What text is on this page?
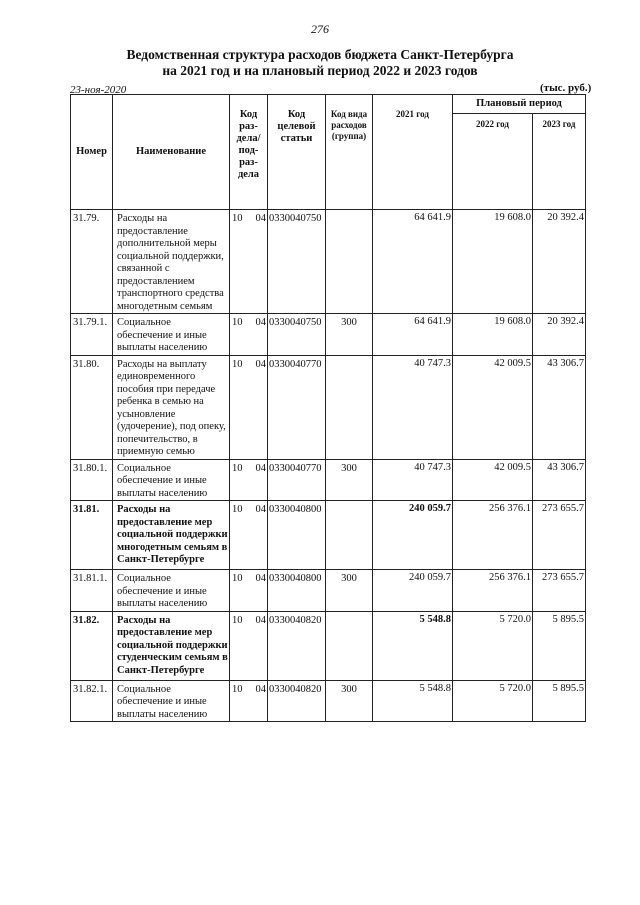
276
Ведомственная структура расходов бюджета Санкт-Петербурга
на 2021 год и на плановый период 2022 и 2023 годов
23-ноя-2020	(тыс. руб.)
Номер	Наименование	Код раз-дела/ под-раз-дела	Код целевой статьи	Код вида расходов (группа)	2021 год	Плановый период	
						2022 год	2023 год
31.79.	Расходы на предоставление дополнительной меры социальной поддержки, связанной с предоставлением транспортного средства многодетным семьям	10 04	0330040750		64 641.9	19 608.0	20 392.4
31.79.1.	Социальное обеспечение и иные выплаты населению	10 04	0330040750	300	64 641.9	19 608.0	20 392.4
31.80.	Расходы на выплату единовременного пособия при передаче ребенка в семью на усыновление (удочерение), под опеку, попечительство, в приемную семью	10 04	0330040770		40 747.3	42 009.5	43 306.7
31.80.1.	Социальное обеспечение и иные выплаты населению	10 04	0330040770	300	40 747.3	42 009.5	43 306.7
31.81.	Расходы на предоставление мер социальной поддержки многодетным семьям в Санкт-Петербурге	10 04	0330040800		240 059.7	256 376.1	273 655.7
31.81.1.	Социальное обеспечение и иные выплаты населению	10 04	0330040800	300	240 059.7	256 376.1	273 655.7
31.82.	Расходы на предоставление мер социальной поддержки студенческим семьям в Санкт-Петербурге	10 04	0330040820		5 548.8	5 720.0	5 895.5
31.82.1.	Социальное обеспечение и иные выплаты населению	10 04	0330040820	300	5 548.8	5 720.0	5 895.5
